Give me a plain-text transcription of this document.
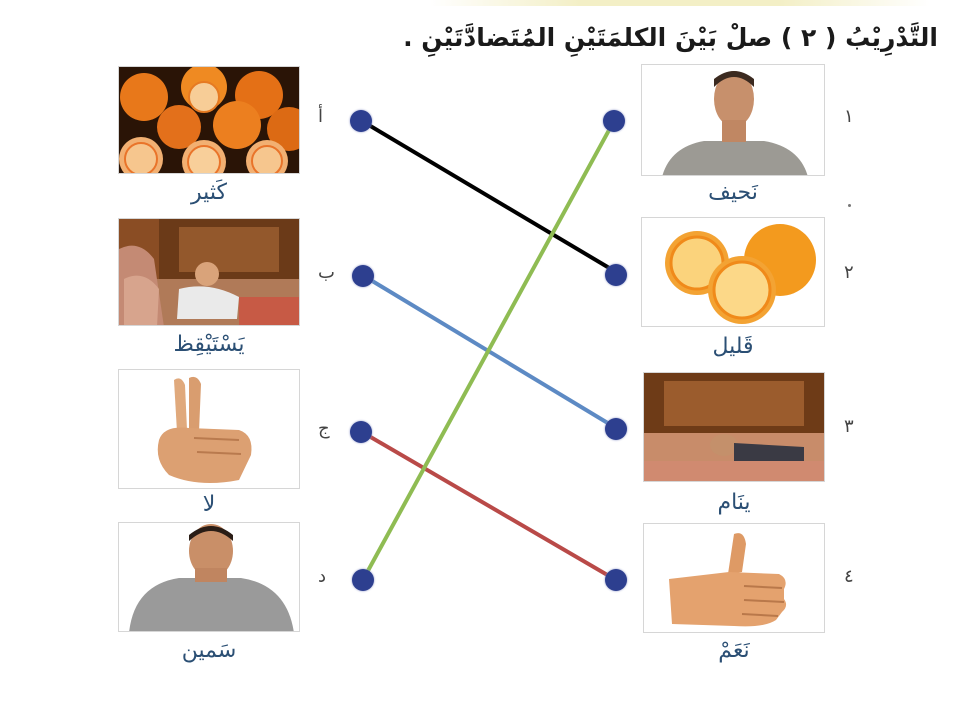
التَّدْرِيْبُ ( ٢ ) صلْ بَيْنَ الكلمَتَيْنِ المُتَضادَّتَيْنِ .
كَثير
أ
يَسْتَيْقِظ
ب
لا
ج
سَمين
د
نَحيف
١
قَليل
٢
ينَام
٣
نَعَمْ
٤
